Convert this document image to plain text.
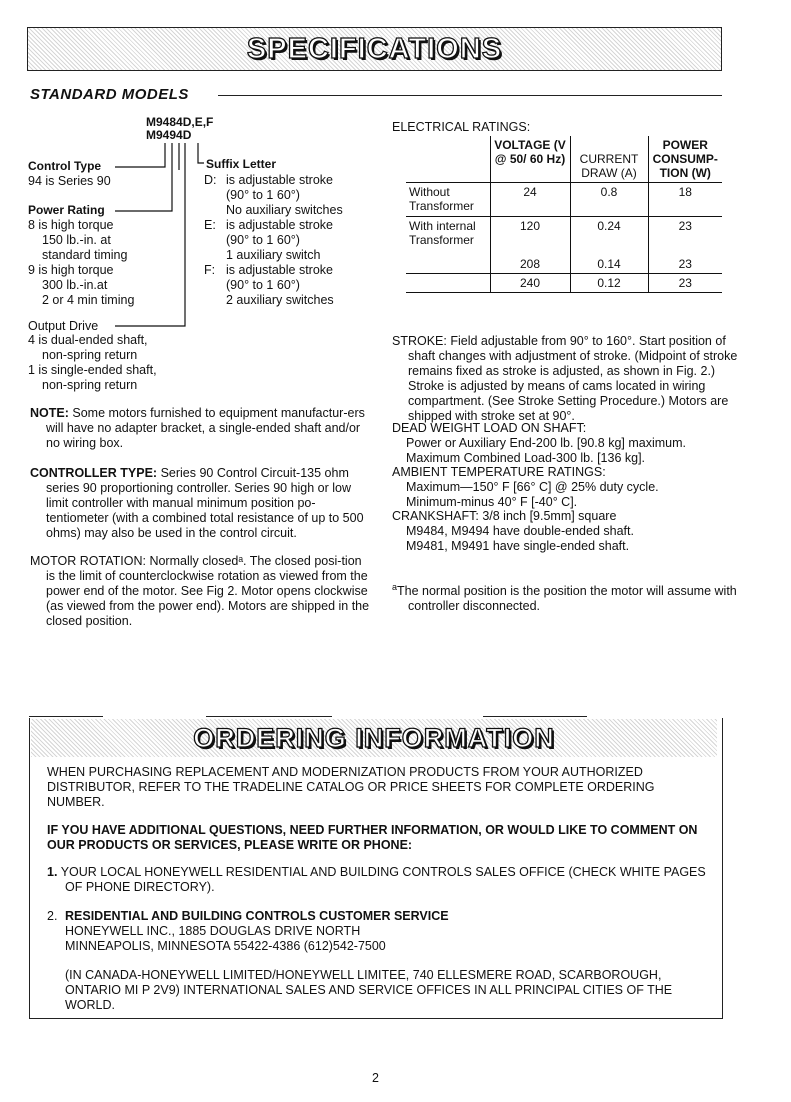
SPECIFICATIONS
STANDARD MODELS
M9484D,E,F
M9494D
Control Type
94 is Series 90
Power Rating
8 is high torque
150 lb.-in. at
standard timing
9 is high torque
300 lb.-in.at
2 or 4 min timing
Output Drive
4 is dual-ended shaft,
non-spring return
1 is single-ended shaft,
non-spring return
Suffix Letter
D: is adjustable stroke
(90° to 1 60°)
No auxiliary switches
E: is adjustable stroke
(90° to 1 60°)
1 auxiliary switch
F: is adjustable stroke
(90° to 1 60°)
2 auxiliary switches
NOTE: Some motors furnished to equipment manufactur-ers will have no adapter bracket, a single-ended shaft and/or no wiring box.
CONTROLLER TYPE: Series 90 Control Circuit-135 ohm series 90 proportioning controller. Series 90 high or low limit controller with manual minimum position po-tentiometer (with a combined total resistance of up to 500 ohms) may also be used in the control circuit.
MOTOR ROTATION: Normally closedᵃ. The closed posi-tion is the limit of counterclockwise rotation as viewed from the power end of the motor. See Fig 2. Motor opens clockwise (as viewed from the power end). Motors are shipped in the closed position.
ELECTRICAL RATINGS:
	VOLTAGE (V @ 50/ 60 Hz)	CURRENT DRAW (A)	POWER CONSUMP-TION (W)
Without Transformer	24	0.8	18
With internal Transformer	120	0.24	23
	208	0.14	23
	240	0.12	23
STROKE: Field adjustable from 90° to 160°. Start position of shaft changes with adjustment of stroke. (Midpoint of stroke remains fixed as stroke is adjusted, as shown in Fig. 2.) Stroke is adjusted by means of cams located in wiring compartment. (See Stroke Setting Procedure.) Motors are shipped with stroke set at 90°.
DEAD WEIGHT LOAD ON SHAFT:
Power or Auxiliary End-200 lb. [90.8 kg] maximum.
Maximum Combined Load-300 lb. [136 kg].
AMBIENT TEMPERATURE RATINGS:
Maximum—150° F [66° C] @ 25% duty cycle.
Minimum-minus 40° F [-40° C].
CRANKSHAFT: 3/8 inch [9.5mm] square
M9484, M9494 have double-ended shaft.
M9481, M9491 have single-ended shaft.
$^a$The normal position is the position the motor will assume with controller disconnected.
ORDERING INFORMATION
WHEN PURCHASING REPLACEMENT AND MODERNIZATION PRODUCTS FROM YOUR AUTHORIZED DISTRIBUTOR, REFER TO THE TRADELINE CATALOG OR PRICE SHEETS FOR COMPLETE ORDERING NUMBER.
IF YOU HAVE ADDITIONAL QUESTIONS, NEED FURTHER INFORMATION, OR WOULD LIKE TO COMMENT ON OUR PRODUCTS OR SERVICES, PLEASE WRITE OR PHONE:
1. YOUR LOCAL HONEYWELL RESIDENTIAL AND BUILDING CONTROLS SALES OFFICE (CHECK WHITE PAGES OF PHONE DIRECTORY).
2. RESIDENTIAL AND BUILDING CONTROLS CUSTOMER SERVICE
HONEYWELL INC., 1885 DOUGLAS DRIVE NORTH
MINNEAPOLIS, MINNESOTA 55422-4386 (612)542-7500
(IN CANADA-HONEYWELL LIMITED/HONEYWELL LIMITEE, 740 ELLESMERE ROAD, SCARBOROUGH, ONTARIO MI P 2V9) INTERNATIONAL SALES AND SERVICE OFFICES IN ALL PRINCIPAL CITIES OF THE WORLD.
2
